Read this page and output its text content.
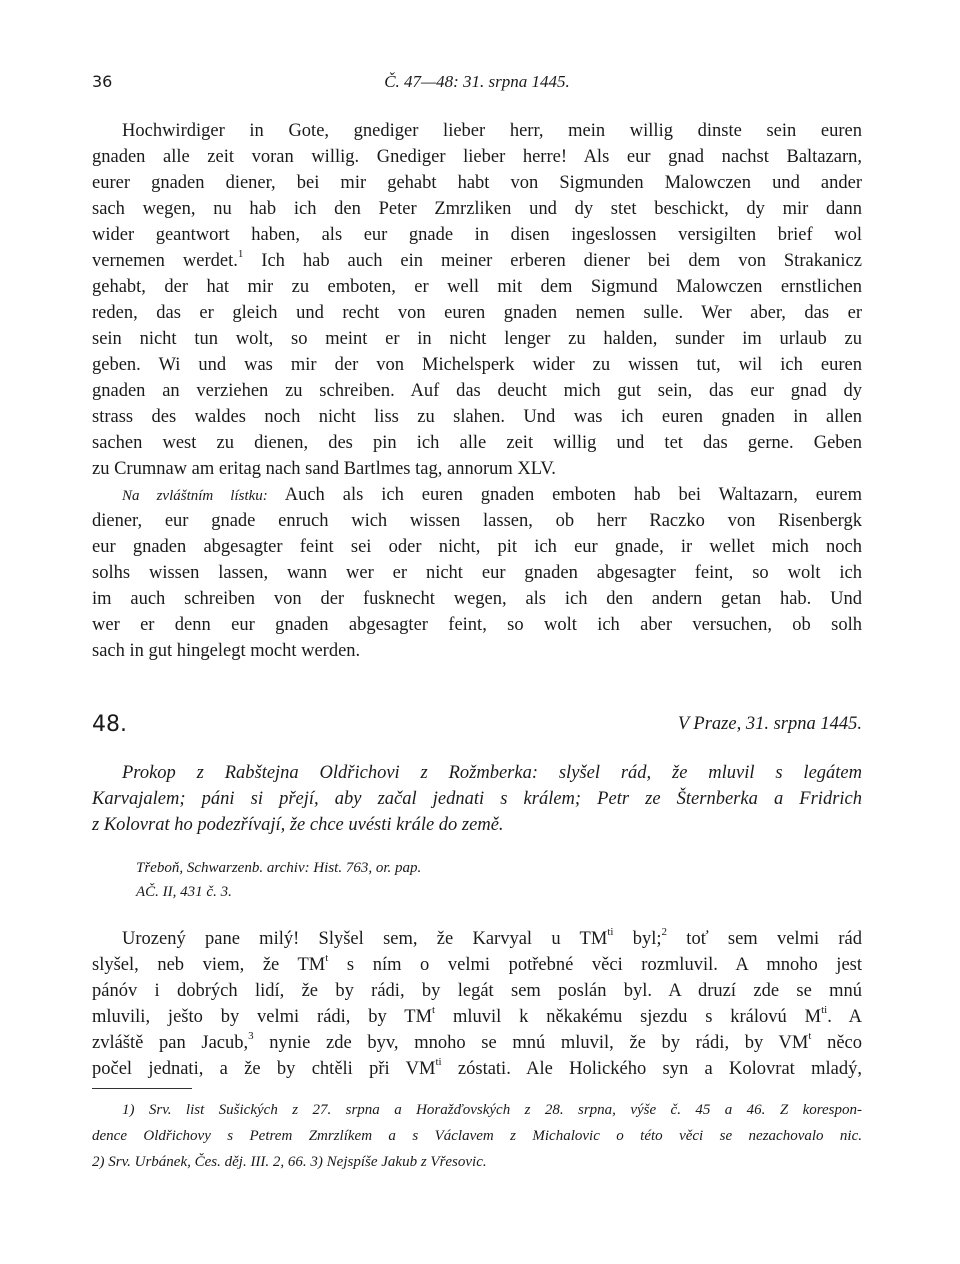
36	Č. 47—48: 31. srpna 1445.
Hochwirdiger in Gote, gnediger lieber herr, mein willig dinste sein euren
gnaden alle zeit voran willig. Gnediger lieber herre! Als eur gnad nachst Baltazarn,
eurer gnaden diener, bei mir gehabt habt von Sigmunden Malowczen und ander
sach wegen, nu hab ich den Peter Zmrzliken und dy stet beschickt, dy mir dann
wider geantwort haben, als eur gnade in disen ingeslossen versigilten brief wol
vernemen werdet.$^1$ Ich hab auch ein meiner erberen diener bei dem von Strakanicz
gehabt, der hat mir zu emboten, er well mit dem Sigmund Malowczen ernstlichen
reden, das er gleich und recht von euren gnaden nemen sulle. Wer aber, das er
sein nicht tun wolt, so meint er in nicht lenger zu halden, sunder im urlaub zu
geben. Wi und was mir der von Michelsperk wider zu wissen tut, wil ich euren
gnaden an verziehen zu schreiben. Auf das deucht mich gut sein, das eur gnad dy
strass des waldes noch nicht liss zu slahen. Und was ich euren gnaden in allen
sachen west zu dienen, des pin ich alle zeit willig und tet das gerne. Geben
zu Crumnaw am eritag nach sand Bartlmes tag, annorum XLV.
Na zvláštním lístku: Auch als ich euren gnaden emboten hab bei Waltazarn, eurem
diener, eur gnade enruch wich wissen lassen, ob herr Raczko von Risenbergk
eur gnaden abgesagter feint sei oder nicht, pit ich eur gnade, ir wellet mich noch
solhs wissen lassen, wann wer er nicht eur gnaden abgesagter feint, so wolt ich
im auch schreiben von der fusknecht wegen, als ich den andern getan hab. Und
wer er denn eur gnaden abgesagter feint, so wolt ich aber versuchen, ob solh
sach in gut hingelegt mocht werden.
48.	V Praze, 31. srpna 1445.
Prokop z Rabštejna Oldřichovi z Rožmberka: slyšel rád, že mluvil s legátem
Karvajalem; páni si přejí, aby začal jednati s králem; Petr ze Šternberka a Fridrich
z Kolovrat ho podezřívají, že chce uvésti krále do země.
Třeboň, Schwarzenb. archiv: Hist. 763, or. pap.
AČ. II, 431 č. 3.
Urozený pane milý! Slyšel sem, že Karvyal u $TM^{ti}$ byl;$^2$ toť sem velmi rád
slyšel, neb viem, že $TM^t$ s ním o velmi potřebné věci rozmluvil. A mnoho jest
pánóv i dobrých lidí, že by rádi, by legát sem poslán byl. A druzí zde se mnú
mluvili, ješto by velmi rádi, by $TM^t$ mluvil k někakému sjezdu s královú $M^{ti}$. A
zvláště pan Jacub,$^3$ nynie zde byv, mnoho se mnú mluvil, že by rádi, by $VM^t$ něco
počel jednati, a že by chtěli při $VM^{ti}$ zóstati. Ale Holického syn a Kolovrat mladý,
1) Srv. list Sušických z 27. srpna a Horažďovských z 28. srpna, výše č. 45 a 46. Z korespon-
dence Oldřichovy s Petrem Zmrzlíkem a s Václavem z Michalovic o této věci se nezachovalo nic.
2) Srv. Urbánek, Čes. děj. III. 2, 66. 3) Nejspíše Jakub z Vřesovic.
